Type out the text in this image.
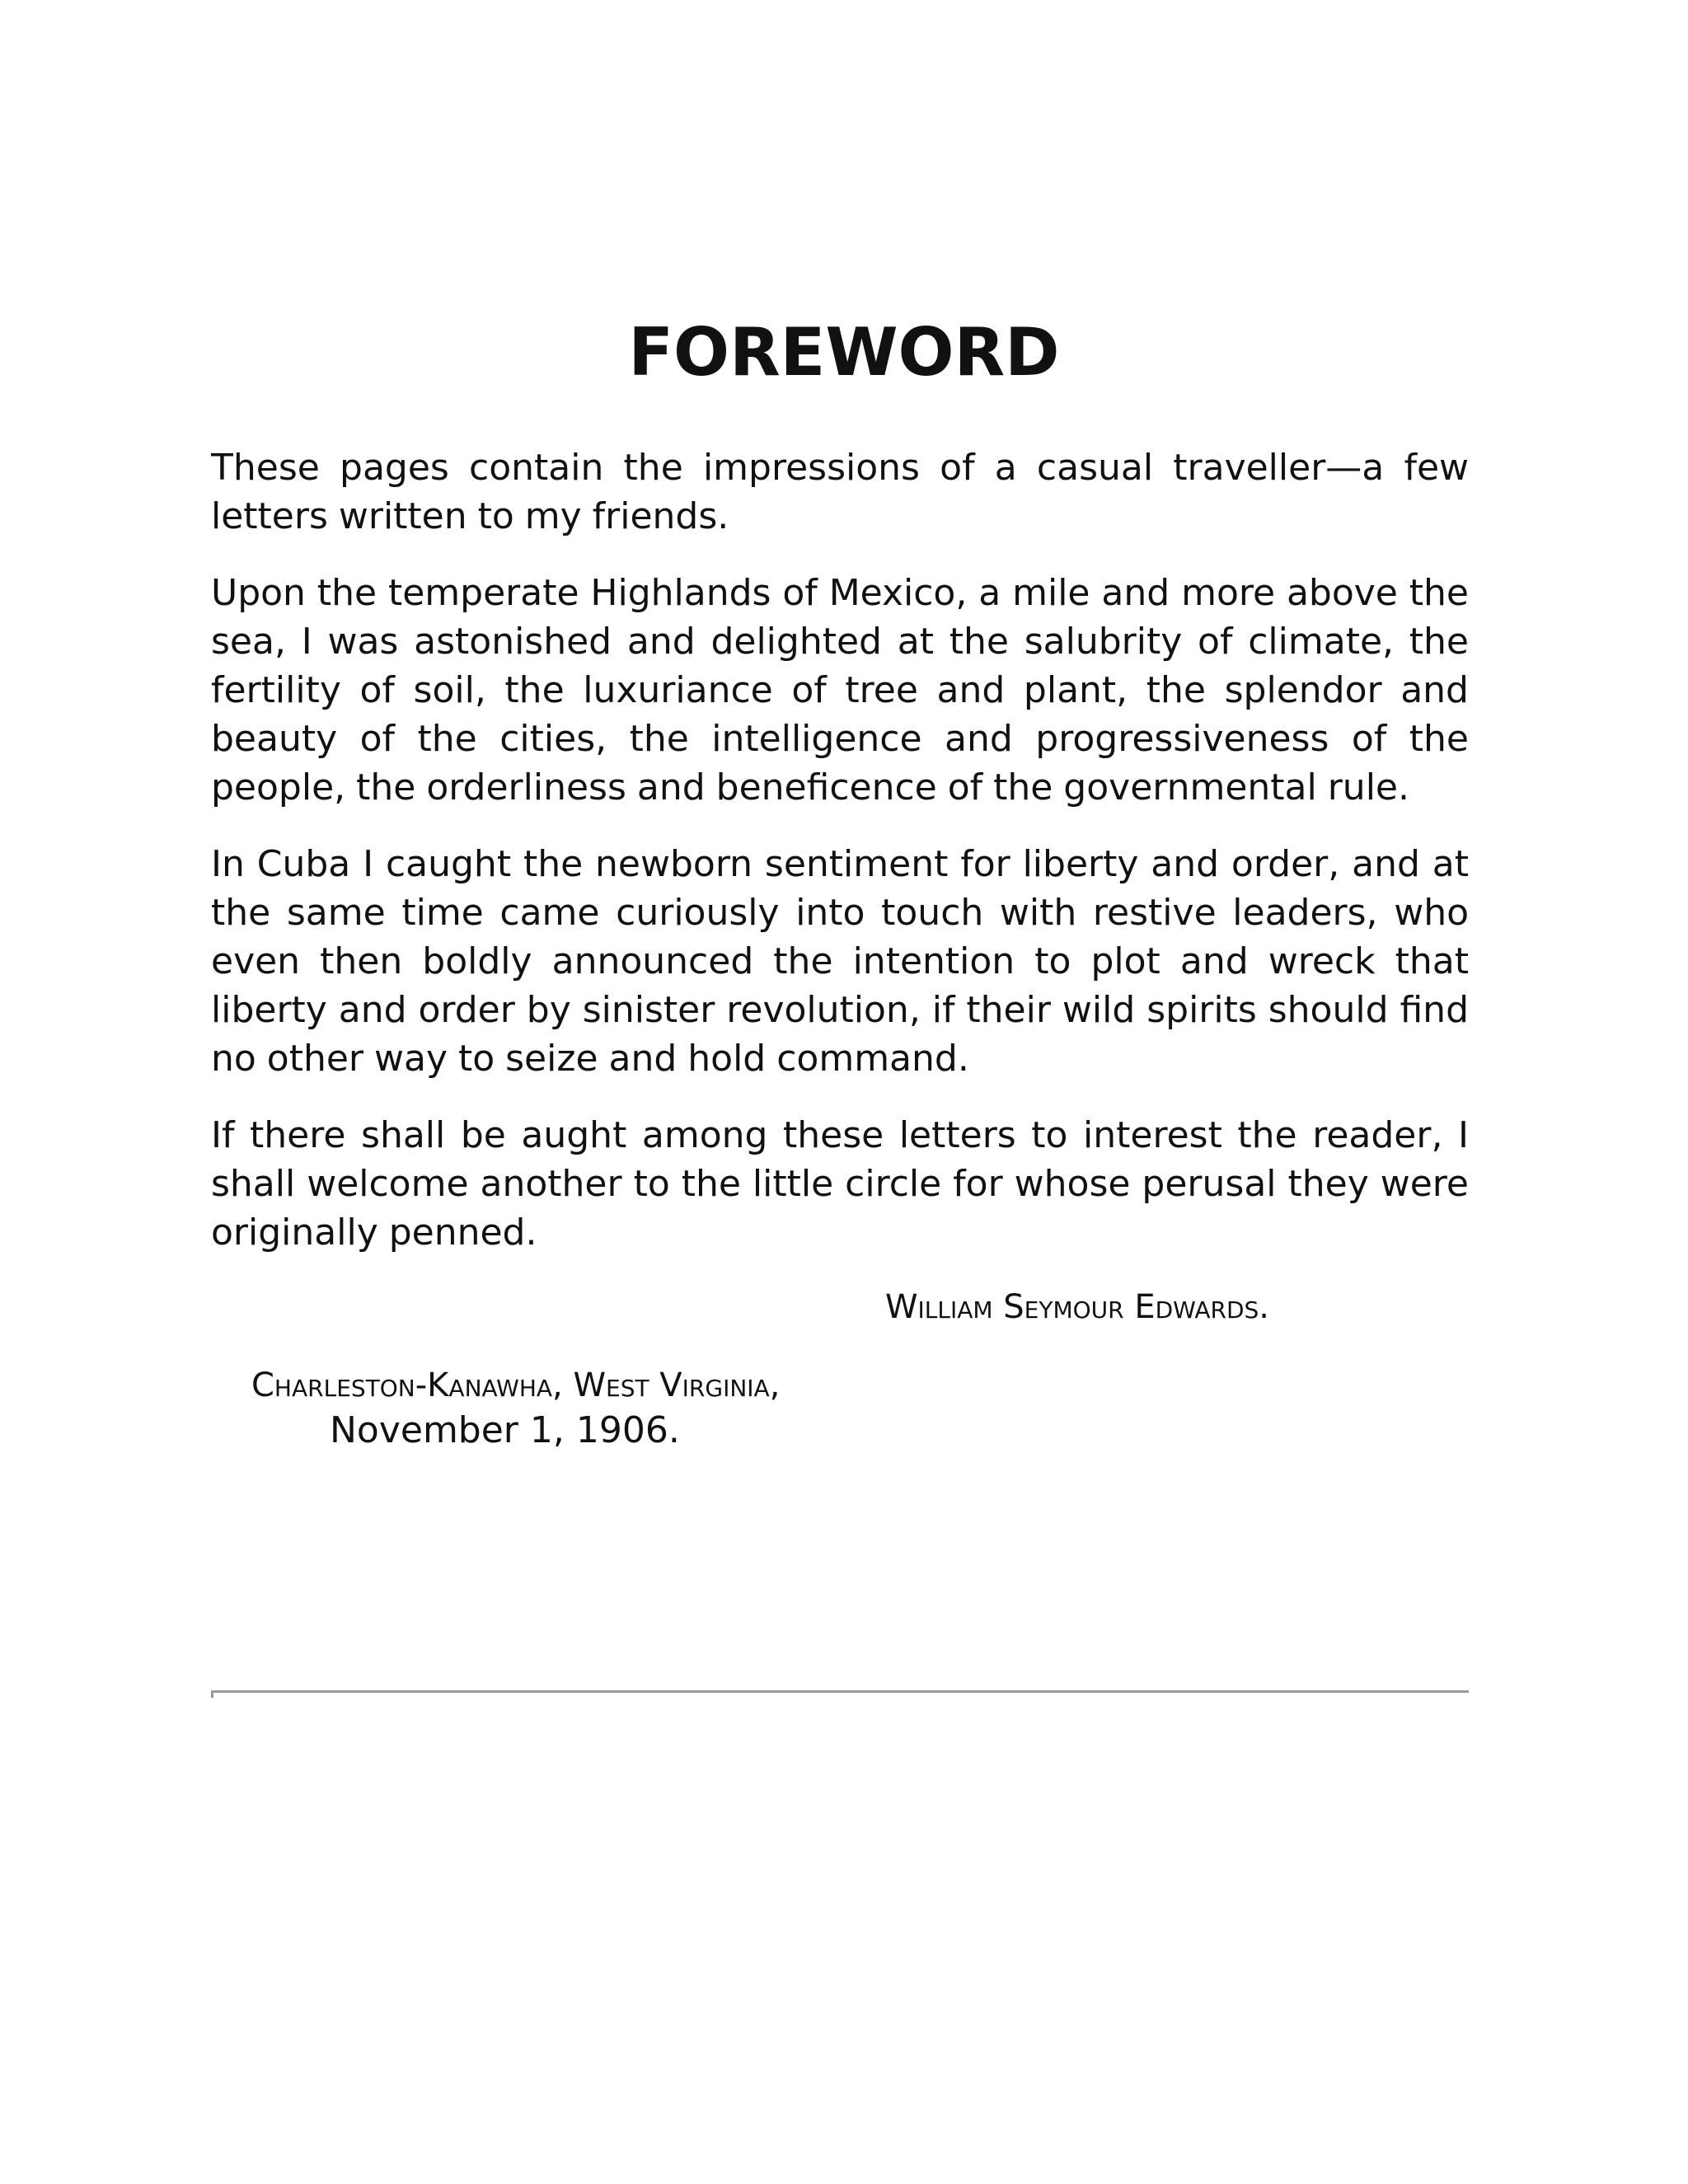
FOREWORD

These pages contain the impressions of a casual traveller—a few letters written to my friends.

Upon the temperate Highlands of Mexico, a mile and more above the sea, I was astonished and delighted at the salubrity of climate, the fertility of soil, the luxuriance of tree and plant, the splendor and beauty of the cities, the intelligence and progressiveness of the people, the orderliness and beneficence of the governmental rule.

In Cuba I caught the newborn sentiment for liberty and order, and at the same time came curiously into touch with restive leaders, who even then boldly announced the intention to plot and wreck that liberty and order by sinister revolution, if their wild spirits should find no other way to seize and hold command.

If there shall be aught among these letters to interest the reader, I shall welcome another to the little circle for whose perusal they were originally penned.

William Seymour Edwards.
Charleston-Kanawha, West Virginia,
November 1, 1906.
